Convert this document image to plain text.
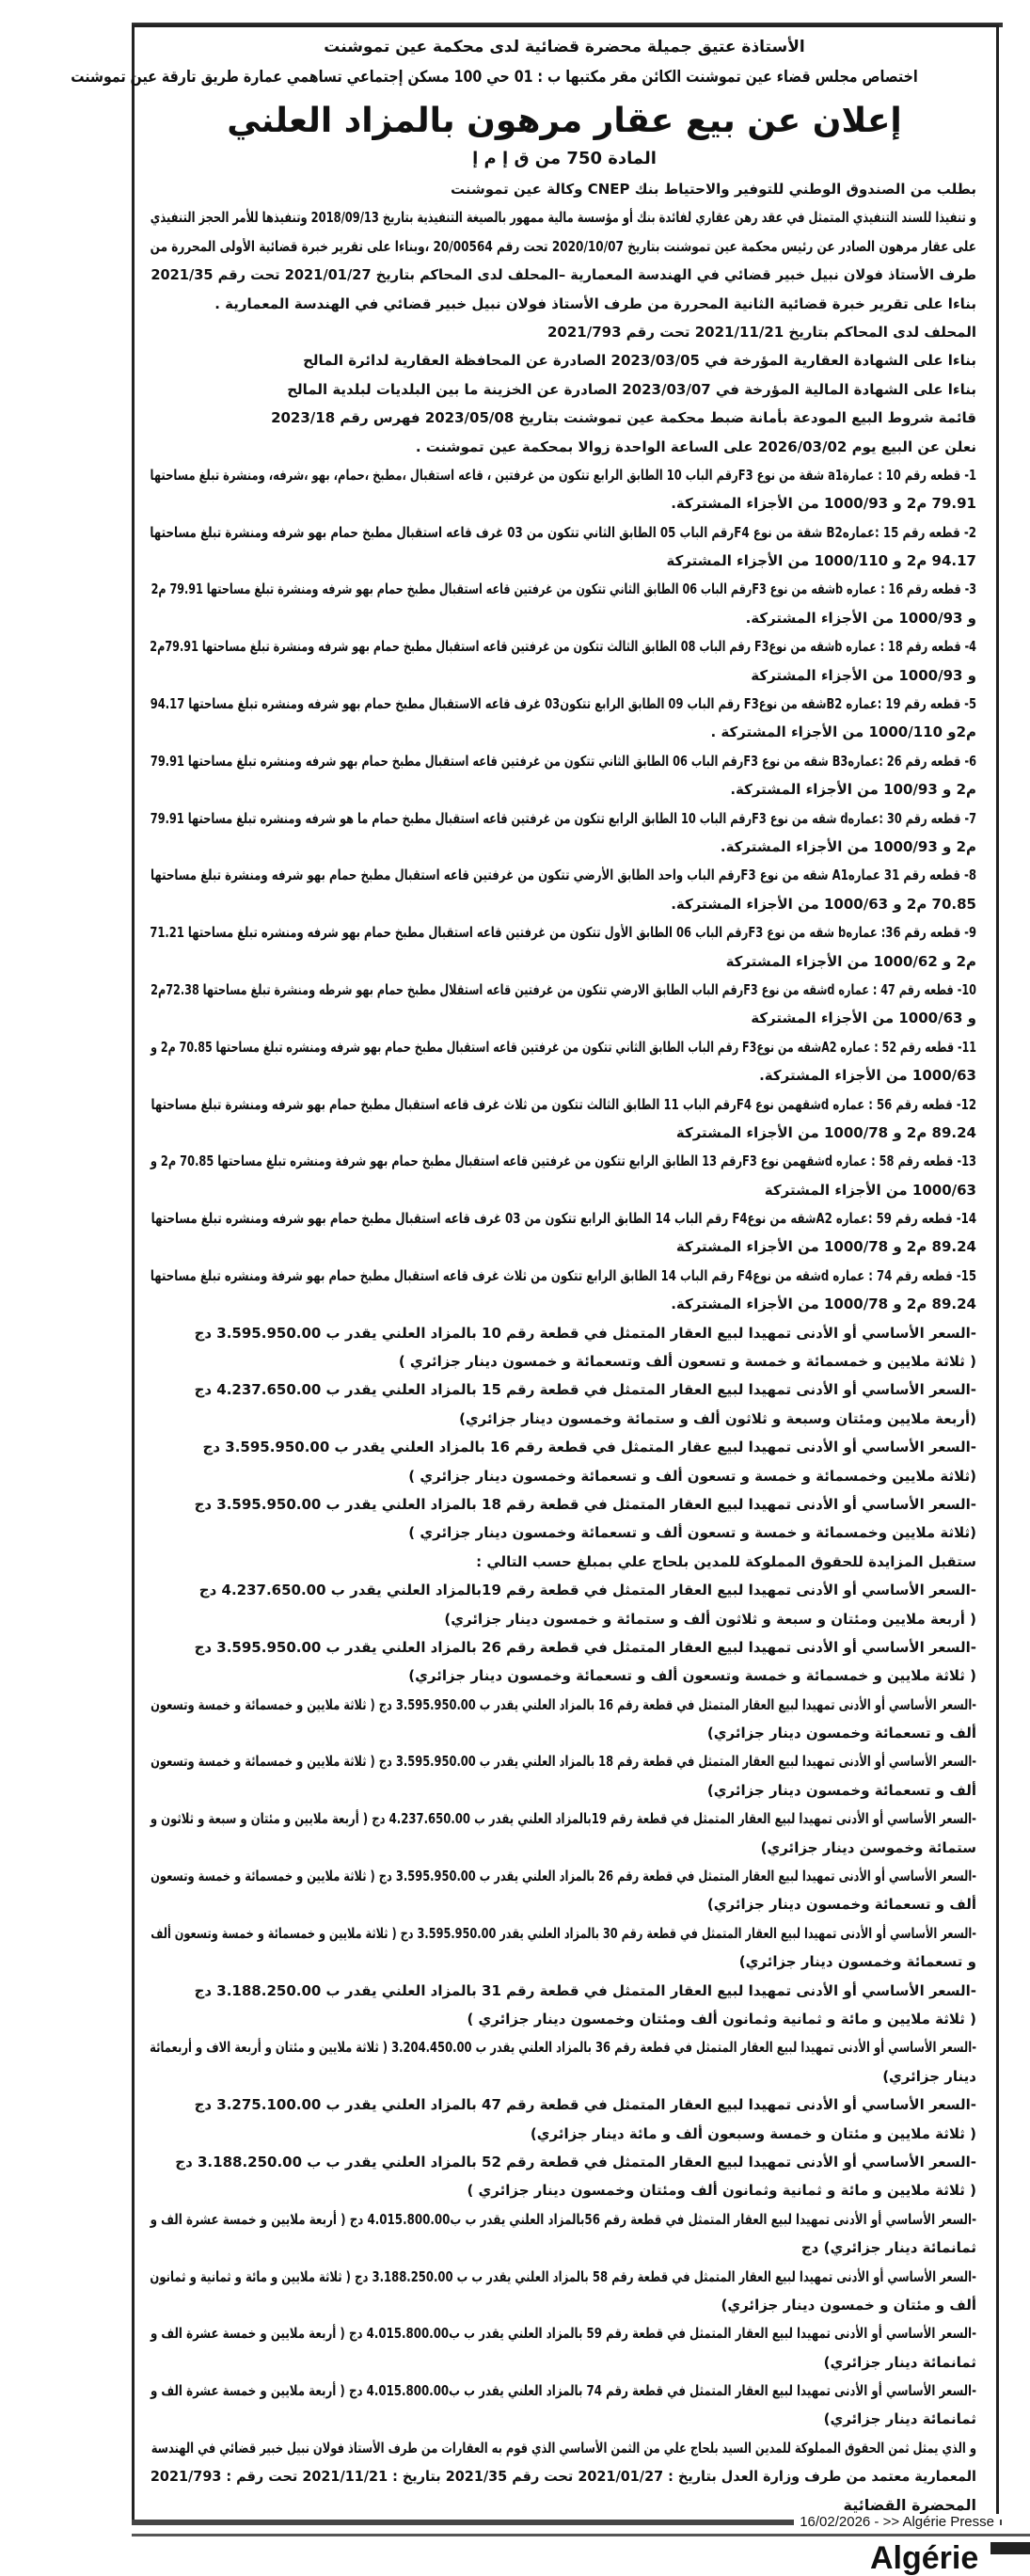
الأستاذة عتيق جميلة محضرة قضائية لدى محكمة عين تموشنت
اختصاص مجلس قضاء عين تموشنت الكائن مقر مكتبها ب : 01 حي 100 مسكن إجتماعي تساهمي عمارة طريق تارقة عين تموشنت
إعلان عن بيع عقار مرهون بالمزاد العلني
المادة 750 من ق إ م إ
بطلب من الصندوق الوطني للتوفير والاحتياط بنك CNEP وكالة عين تموشنت
و تنفيذا للسند التنفيذي المتمثل في عقد رهن عقاري لفائدة بنك أو مؤسسة مالية ممهور بالصيغة التنفيذية بتاريخ 2018/09/13 وتنفيذها للأمر الحجز التنفيذي
على عقار مرهون الصادر عن رئيس محكمة عين تموشنت بتاريخ 2020/10/07 تحت رقم 20/00564 ،وبناءا على تقرير خبرة قضائية الأولى المحررة من
طرف الأستاذ فولان نبيل خبير قضائي في الهندسة المعمارية –المحلف لدى المحاكم بتاريخ 2021/01/27 تحت رقم 2021/35
بناءا على تقرير خبرة قضائية الثانية المحررة من طرف الأستاذ فولان نبيل خبير قضائي في الهندسة المعمارية .
المحلف لدى المحاكم بتاريخ 2021/11/21 تحت رقم 2021/793
بناءا على الشهادة العقارية المؤرخة في 2023/03/05 الصادرة عن المحافظة العقارية لدائرة المالح
بناءا على الشهادة المالية المؤرخة في 2023/03/07 الصادرة عن الخزينة ما بين البلديات لبلدية المالح
قائمة شروط البيع المودعة بأمانة ضبط محكمة عين تموشنت بتاريخ 2023/05/08 فهرس رقم 2023/18
نعلن عن البيع يوم 2026/03/02 على الساعة الواحدة زوالا بمحكمة عين تموشنت .
1- قطعه رقم 10 : عمارةa1 شقة من نوع F3رقم الباب 10 الطابق الرابع تتكون من غرفتين ، قاعه استقبال ،مطبخ ،حمام، بهو ،شرفه، ومنشرة تبلغ مساحتها
79.91 م2 و 1000/93 من الأجزاء المشتركة.
2- قطعه رقم 15 :عمارهB2 شقة من نوع F4رقم الباب 05 الطابق الثاني تتكون من 03 غرف قاعه استقبال مطبخ حمام بهو شرفه ومنشرة تبلغ مساحتها
94.17 م2 و 1000/110 من الأجزاء المشتركة
3- قطعه رقم 16 : عماره bشقه من نوع F3رقم الباب 06 الطابق الثاني تتكون من غرفتين قاعه استقبال مطبخ حمام بهو شرفه ومنشرة تبلغ مساحتها 79.91 م2
و 1000/93 من الأجزاء المشتركة.
4- قطعه رقم 18 : عماره bشقه من نوعF3 رقم الباب 08 الطابق الثالث تتكون من غرفتين قاعه استقبال مطبخ حمام بهو شرفه ومنشرة تبلغ مساحتها 79.91م2
و 1000/93 من الأجزاء المشتركة
5- قطعه رقم 19 :عماره B2شقه من نوعF3 رقم الباب 09 الطابق الرابع تتكون03 غرف قاعه الاستقبال مطبخ حمام بهو شرفه ومنشره تبلغ مساحتها 94.17
م2و 1000/110 من الأجزاء المشتركة .
6- قطعه رقم 26 :عمارهB3 شقه من نوع F3رقم الباب 06 الطابق الثاني تتكون من غرفتين قاعه استقبال مطبخ حمام بهو شرفه ومنشره تبلغ مساحتها 79.91
م2 و 100/93 من الأجزاء المشتركة.
7- قطعه رقم 30 :عمارهd شقه من نوع F3رقم الباب 10 الطابق الرابع تتكون من غرفتين قاعه استقبال مطبخ حمام ما هو شرفه ومنشره تبلغ مساحتها 79.91
م2 و 1000/93 من الأجزاء المشتركة.
8- قطعه رقم 31 عمارهA1 شقه من نوع F3رقم الباب واحد الطابق الأرضي تتكون من غرفتين قاعه استقبال مطبخ حمام بهو شرفه ومنشرة تبلغ مساحتها
70.85 م2 و 1000/63 من الأجزاء المشتركة.
9- قطعه رقم 36: عمارهb شقه من نوع F3رقم الباب 06 الطابق الأول تتكون من غرفتين قاعه استقبال مطبخ حمام بهو شرفه ومنشره تبلغ مساحتها 71.21
م2 و 1000/62 من الأجزاء المشتركة
10- قطعه رقم 47 : عماره dشقه من نوع F3رقم الباب الطابق الارضي تتكون من غرفتين قاعه استقلال مطبخ حمام بهو شرطه ومنشرة تبلغ مساحتها 72.38م2
و 1000/63 من الأجزاء المشتركة
11- قطعه رقم 52 : عماره A2شقه من نوعF3 رقم الباب الطابق الثاني تتكون من غرفتين قاعه استقبال مطبخ حمام بهو شرفه ومنشره تبلغ مساحتها 70.85 م2 و
1000/63 من الأجزاء المشتركة.
12- قطعه رقم 56 : عماره dشقهمن نوع F4رقم الباب 11 الطابق الثالث تتكون من ثلاث غرف قاعه استقبال مطبخ حمام بهو شرفه ومنشرة تبلغ مساحتها
89.24 م2 و 1000/78 من الأجزاء المشتركة
13- قطعه رقم 58 : عماره dشقهمن نوع F3رقم 13 الطابق الرابع تتكون من غرفتين قاعه استقبال مطبخ حمام بهو شرفة ومنشره تبلغ مساحتها 70.85 م2 و
1000/63 من الأجزاء المشتركة
14- قطعه رقم 59 :عماره A2شقه من نوعF4 رقم الباب 14 الطابق الرابع تتكون من 03 غرف قاعه استقبال مطبخ حمام بهو شرفه ومنشره تبلغ مساحتها
89.24 م2 و 1000/78 من الأجزاء المشتركة
15- قطعه رقم 74 : عماره dشقه من نوعF4 رقم الباب 14 الطابق الرابع تتكون من ثلاث غرف قاعه استقبال مطبخ حمام بهو شرفة ومنشره تبلغ مساحتها
89.24 م2 و 1000/78 من الأجزاء المشتركة.
-السعر الأساسي أو الأدنى تمهيدا لبيع العقار المتمثل في قطعة رقم 10 بالمزاد العلني يقدر ب 3.595.950.00 دج
( ثلاثة ملايين و خمسمائة و خمسة و تسعون ألف وتسعمائة و خمسون دينار جزائري )
-السعر الأساسي أو الأدنى تمهيدا لبيع العقار المتمثل في قطعة رقم 15 بالمزاد العلني يقدر ب 4.237.650.00 دج
(أربعة ملايين ومئتان وسبعة و ثلاثون ألف و ستمائة وخمسون دينار جزائري)
-السعر الأساسي أو الأدنى تمهيدا لبيع عقار المتمثل في قطعة رقم 16 بالمزاد العلني يقدر ب 3.595.950.00 دج
(ثلاثة ملايين وخمسمائة و خمسة و تسعون ألف و تسعمائة وخمسون دينار جزائري )
-السعر الأساسي أو الأدنى تمهيدا لبيع العقار المتمثل في قطعة رقم 18 بالمزاد العلني يقدر ب 3.595.950.00 دج
(ثلاثة ملايين وخمسمائة و خمسة و تسعون ألف و تسعمائة وخمسون دينار جزائري )
ستقبل المزايدة للحقوق المملوكة للمدين بلحاج علي بمبلغ حسب التالي :
-السعر الأساسي أو الأدنى تمهيدا لبيع العقار المتمثل في قطعة رقم 19بالمزاد العلني يقدر ب 4.237.650.00 دج
( أربعة ملايين ومئتان و سبعة و ثلاثون ألف و ستمائة و خمسون دينار جزائري)
-السعر الأساسي أو الأدنى تمهيدا لبيع العقار المتمثل في قطعة رقم 26 بالمزاد العلني يقدر ب 3.595.950.00 دج
( ثلاثة ملايين و خمسمائة و خمسة وتسعون ألف و تسعمائة وخمسون دينار جزائري)
-السعر الأساسي أو الأدنى تمهيدا لبيع العقار المتمثل في قطعة رقم 16 بالمزاد العلني يقدر ب 3.595.950.00 دج ( ثلاثة ملايين و خمسمائة و خمسة وتسعون
ألف و تسعمائة وخمسون دينار جزائري)
-السعر الأساسي أو الأدنى تمهيدا لبيع العقار المتمثل في قطعة رقم 18 بالمزاد العلني يقدر ب 3.595.950.00 دج ( ثلاثة ملايين و خمسمائة و خمسة وتسعون
ألف و تسعمائة وخمسون دينار جزائري)
-السعر الأساسي أو الأدنى تمهيدا لبيع العقار المتمثل في قطعة رقم 19بالمزاد العلني يقدر ب 4.237.650.00 دج ( أربعة ملايين و مئتان و سبعة و ثلاثون و
ستمائة وخموسن دينار جزائري)
-السعر الأساسي أو الأدنى تمهيدا لبيع العقار المتمثل في قطعة رقم 26 بالمزاد العلني يقدر ب 3.595.950.00 دج ( ثلاثة ملايين و خمسمائة و خمسة وتسعون
ألف و تسعمائة وخمسون دينار جزائري)
-السعر الأساسي أو الأدنى تمهيدا لبيع العقار المتمثل في قطعة رقم 30 بالمزاد العلني يقدر 3.595.950.00 دج ( ثلاثة ملايين و خمسمائة و خمسة وتسعون ألف
و تسعمائة وخمسون دينار جزائري)
-السعر الأساسي أو الأدنى تمهيدا لبيع العقار المتمثل في قطعة رقم 31 بالمزاد العلني يقدر ب 3.188.250.00 دج
( ثلاثة ملايين و مائة و ثمانية وثمانون ألف ومئتان وخمسون دينار جزائري )
-السعر الأساسي أو الأدنى تمهيدا لبيع العقار المتمثل في قطعة رقم 36 بالمزاد العلني يقدر ب 3.204.450.00 ( ثلاثة ملايين و مئتان و أربعة الاف و أربعمائة
دينار جزائري)
-السعر الأساسي أو الأدنى تمهيدا لبيع العقار المتمثل في قطعة رقم 47 بالمزاد العلني يقدر ب 3.275.100.00 دج
( ثلاثة ملايين و مئتان و خمسة وسبعون ألف و مائة دينار جزائري)
-السعر الأساسي أو الأدنى تمهيدا لبيع العقار المتمثل في قطعة رقم 52 بالمزاد العلني يقدر ب ب 3.188.250.00 دج
( ثلاثة ملايين و مائة و ثمانية وثمانون ألف ومئتان وخمسون دينار جزائري )
-السعر الأساسي أو الأدنى تمهيدا لبيع العقار المتمثل في قطعة رقم 56بالمزاد العلني يقدر ب ب4.015.800.00 دج ( أربعة ملايين و خمسة عشرة الف و
ثمانمائة دينار جزائري) دج
-السعر الأساسي أو الأدنى تمهيدا لبيع العقار المتمثل في قطعة رقم 58 بالمزاد العلني يقدر ب ب 3.188.250.00 دج ( ثلاثة ملايين و مائة و ثمانية و ثمانون
ألف و مئتان و خمسون دينار جزائري)
-السعر الأساسي أو الأدنى تمهيدا لبيع العقار المتمثل في قطعة رقم 59 بالمزاد العلني يقدر ب ب4.015.800.00 دج ( أربعة ملايين و خمسة عشرة الف و
ثمانمائة دينار جزائري)
-السعر الأساسي أو الأدنى تمهيدا لبيع العقار المتمثل في قطعة رقم 74 بالمزاد العلني يقدر ب ب4.015.800.00 دج ( أربعة ملايين و خمسة عشرة الف و
ثمانمائة دينار جزائري)
و الذي يمثل ثمن الحقوق المملوكة للمدين السيد بلحاج علي من الثمن الأساسي الذي قوم به العقارات من طرف الأستاذ فولان نبيل خبير قضائي في الهندسة
المعمارية معتمد من طرف وزارة العدل بتاريخ : 2021/01/27 تحت رقم 2021/35 بتاريخ : 2021/11/21 تحت رقم : 2021/793
المحضرة القضائية
16/02/2026 - >> Algérie Presse
Algérie
